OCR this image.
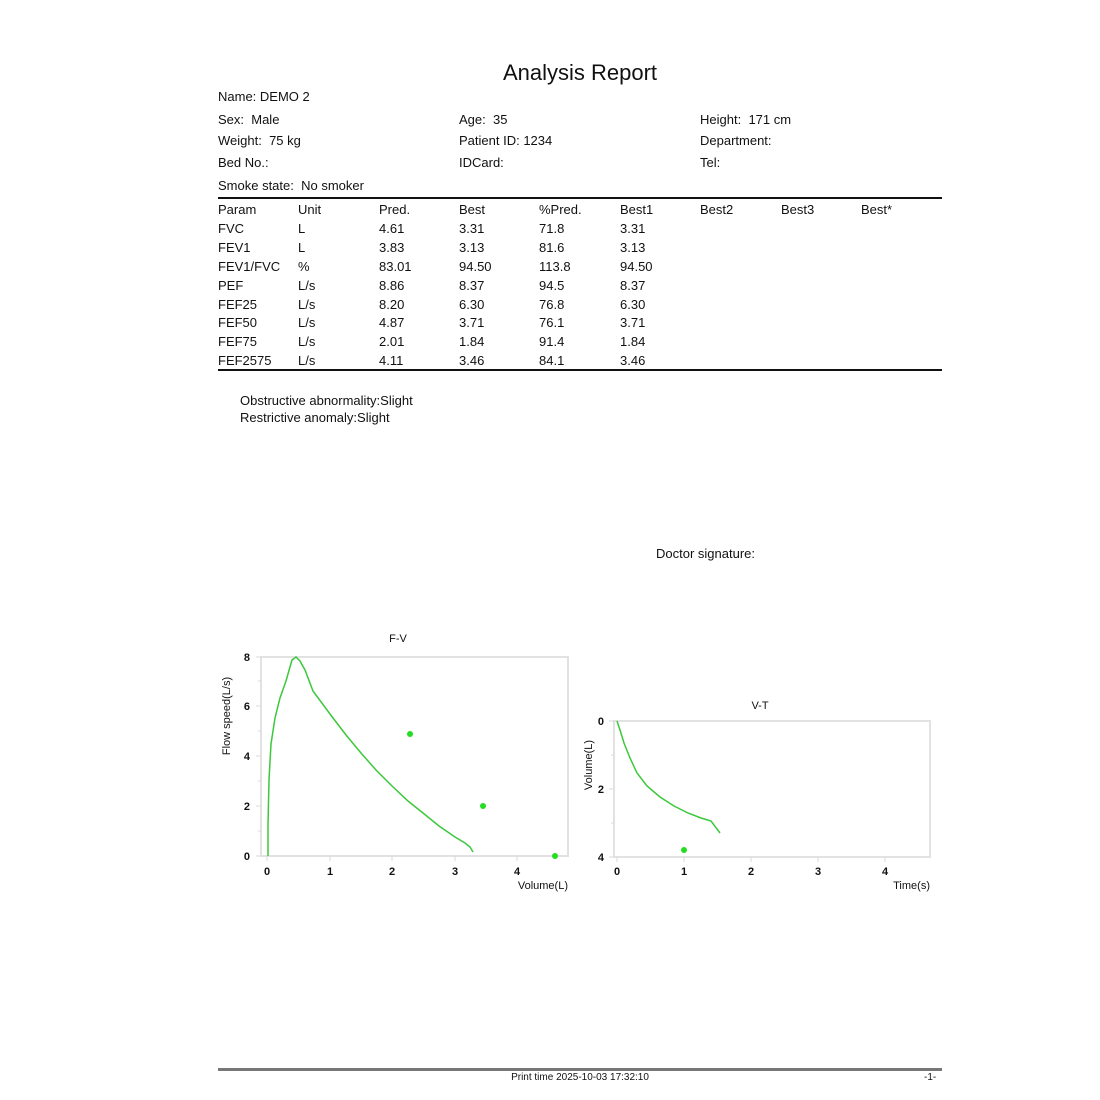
Analysis Report
Name: DEMO 2
Sex: Male	Age: 35	Height: 171 cm
Weight: 75 kg	Patient ID: 1234	Department:
Bed No.:	IDCard:	Tel:
Smoke state: No smoker
Param	Unit	Pred.	Best	%Pred.	Best1	Best2	Best3	Best*
FVC	L	4.61	3.31	71.8	3.31			
FEV1	L	3.83	3.13	81.6	3.13			
FEV1/FVC	%	83.01	94.50	113.8	94.50			
PEF	L/s	8.86	8.37	94.5	8.37			
FEF25	L/s	8.20	6.30	76.8	6.30			
FEF50	L/s	4.87	3.71	76.1	3.71			
FEF75	L/s	2.01	1.84	91.4	1.84			
FEF2575	L/s	4.11	3.46	84.1	3.46			
Obstructive abnormality:Slight
Restrictive anomaly:Slight
Doctor signature:
F-V
8
6
4
2
0
0	1	2	3	4
Volume(L)
Flow speed(L/s)	V-T
0
2
4
0	1	2	3	4
Time(s)
Volume(L)
Print time 2025-10-03 17:32:10	-1-
